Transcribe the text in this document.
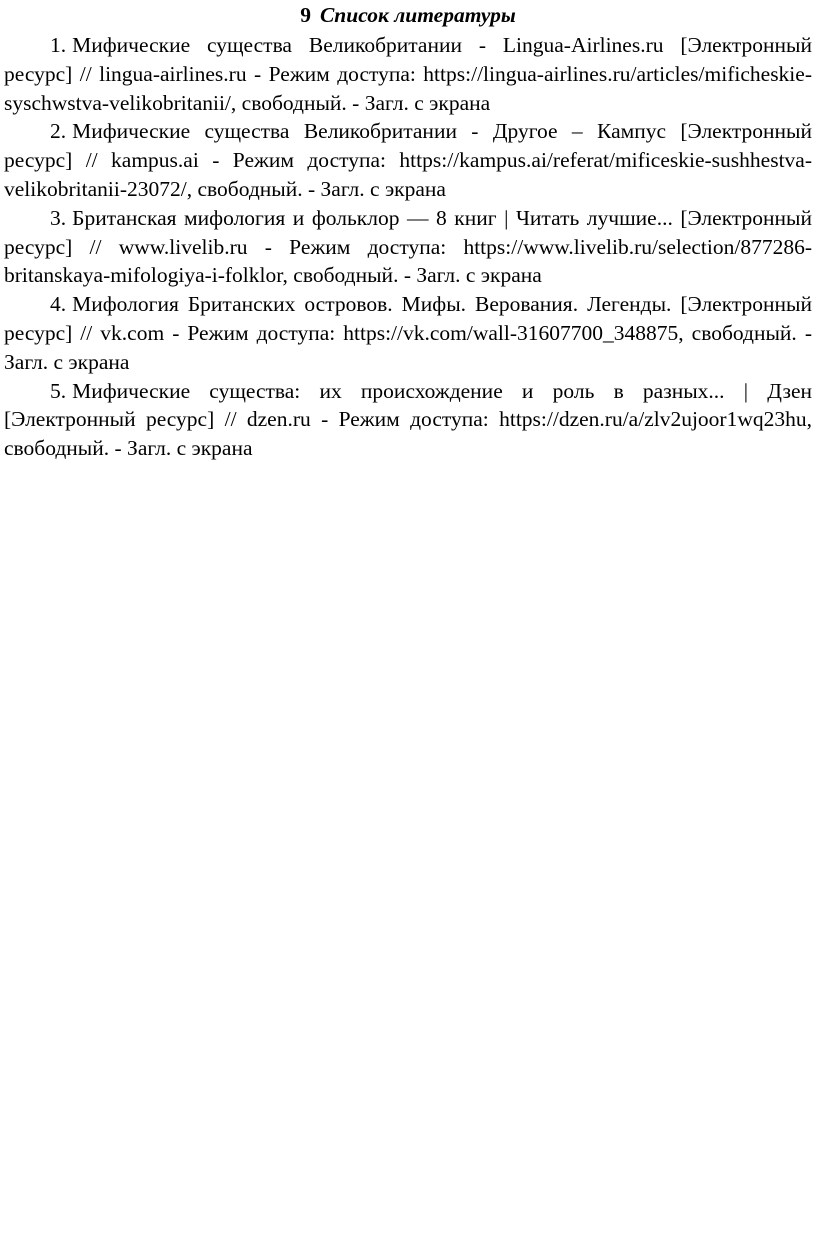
9 Список литературы
1. Мифические существа Великобритании - Lingua-Airlines.ru [Электронный ресурс] // lingua-airlines.ru - Режим доступа: https://lingua-airlines.ru/articles/mificheskie-syschwstva-velikobritanii/, свободный. - Загл. с экрана
2. Мифические существа Великобритании - Другое – Кампус [Электронный ресурс] // kampus.ai - Режим доступа: https://kampus.ai/referat/mificeskie-sushhestva-velikobritanii-23072/, свободный. - Загл. с экрана
3. Британская мифология и фольклор — 8 книг | Читать лучшие... [Электронный ресурс] // www.livelib.ru - Режим доступа: https://www.livelib.ru/selection/877286-britanskaya-mifologiya-i-folklor, свободный. - Загл. с экрана
4. Мифология Британских островов. Мифы. Верования. Легенды. [Электронный ресурс] // vk.com - Режим доступа: https://vk.com/wall-31607700_348875, свободный. - Загл. с экрана
5. Мифические существа: их происхождение и роль в разных... | Дзен [Электронный ресурс] // dzen.ru - Режим доступа: https://dzen.ru/a/zlv2ujoor1wq23hu, свободный. - Загл. с экрана
